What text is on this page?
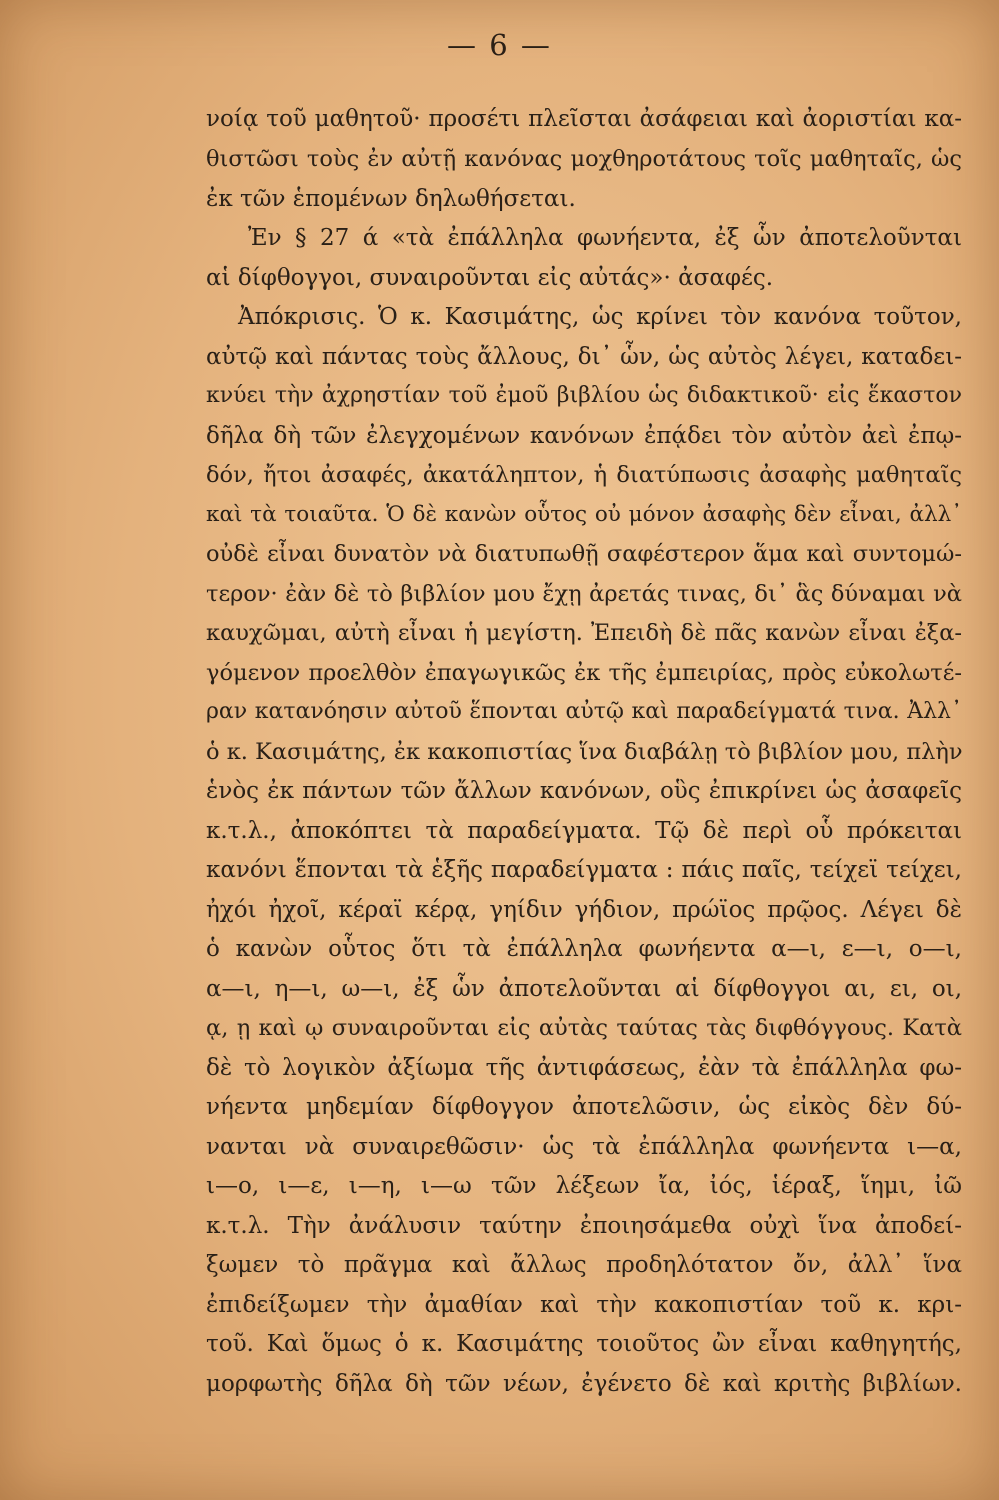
— 6 —
νοίᾳ τοῦ μαθητοῦ· προσέτι πλεῖσται ἀσάφειαι καὶ ἀοριστίαι κα-
θιστῶσι τοὺς ἐν αὐτῇ κανόνας μοχθηροτάτους τοῖς μαθηταῖς, ὡς
ἐκ τῶν ἑπομένων δηλωθήσεται.
Ἐν § 27 ά «τὰ ἐπάλληλα φωνήεντα, ἐξ ὧν ἀποτελοῦνται
αἱ δίφθογγοι, συναιροῦνται εἰς αὐτάς»· ἀσαφές.
Ἀπόκρισις. Ὁ κ. Κασιμάτης, ὡς κρίνει τὸν κανόνα τοῦτον,
αὐτῷ καὶ πάντας τοὺς ἄλλους, δι᾽ ὧν, ὡς αὐτὸς λέγει, καταδει-
κνύει τὴν ἀχρηστίαν τοῦ ἐμοῦ βιβλίου ὡς διδακτικοῦ· εἰς ἕκαστον
δῆλα δὴ τῶν ἐλεγχομένων κανόνων ἐπᾴδει τὸν αὐτὸν ἀεὶ ἐπῳ-
δόν, ἤτοι ἀσαφές, ἀκατάληπτον, ἡ διατύπωσις ἀσαφὴς μαθηταῖς
καὶ τὰ τοιαῦτα. Ὁ δὲ κανὼν οὗτος οὐ μόνον ἀσαφὴς δὲν εἶναι, ἀλλ᾽
οὐδὲ εἶναι δυνατὸν νὰ διατυπωθῇ σαφέστερον ἅμα καὶ συντομώ-
τερον· ἐὰν δὲ τὸ βιβλίον μου ἔχῃ ἀρετάς τινας, δι᾽ ἃς δύναμαι νὰ
καυχῶμαι, αὐτὴ εἶναι ἡ μεγίστη. Ἐπειδὴ δὲ πᾶς κανὼν εἶναι ἐξα-
γόμενον προελθὸν ἐπαγωγικῶς ἐκ τῆς ἐμπειρίας, πρὸς εὐκολωτέ-
ραν κατανόησιν αὐτοῦ ἕπονται αὐτῷ καὶ παραδείγματά τινα. Ἀλλ᾽
ὁ κ. Κασιμάτης, ἐκ κακοπιστίας ἵνα διαβάλῃ τὸ βιβλίον μου, πλὴν
ἑνὸς ἐκ πάντων τῶν ἄλλων κανόνων, οὓς ἐπικρίνει ὡς ἀσαφεῖς
κ.τ.λ., ἀποκόπτει τὰ παραδείγματα. Τῷ δὲ περὶ οὗ πρόκειται
κανόνι ἕπονται τὰ ἑξῆς παραδείγματα : πάις παῖς, τείχεϊ τείχει,
ἠχόι ἠχοῖ, κέραϊ κέρᾳ, γηίδιν γήδιον, πρώϊος πρῷος. Λέγει δὲ
ὁ κανὼν οὗτος ὅτι τὰ ἐπάλληλα φωνήεντα α—ι, ε—ι, ο—ι,
α—ι, η—ι, ω—ι, ἐξ ὧν ἀποτελοῦνται αἱ δίφθογγοι αι, ει, οι,
ᾳ, ῃ καὶ ῳ συναιροῦνται εἰς αὐτὰς ταύτας τὰς διφθόγγους. Κατὰ
δὲ τὸ λογικὸν ἀξίωμα τῆς ἀντιφάσεως, ἐὰν τὰ ἐπάλληλα φω-
νήεντα μηδεμίαν δίφθογγον ἀποτελῶσιν, ὡς εἰκὸς δὲν δύ-
νανται νὰ συναιρεθῶσιν· ὡς τὰ ἐπάλληλα φωνήεντα ι—α,
ι—ο, ι—ε, ι—η, ι—ω τῶν λέξεων ἴα, ἰός, ἱέραξ, ἵημι, ἰῶ
κ.τ.λ. Τὴν ἀνάλυσιν ταύτην ἐποιησάμεθα οὐχὶ ἵνα ἀποδεί-
ξωμεν τὸ πρᾶγμα καὶ ἄλλως προδηλότατον ὄν, ἀλλ᾽ ἵνα
ἐπιδείξωμεν τὴν ἀμαθίαν καὶ τὴν κακοπιστίαν τοῦ κ. κρι-
τοῦ. Καὶ ὅμως ὁ κ. Κασιμάτης τοιοῦτος ὢν εἶναι καθηγητής,
μορφωτὴς δῆλα δὴ τῶν νέων, ἐγένετο δὲ καὶ κριτὴς βιβλίων.
